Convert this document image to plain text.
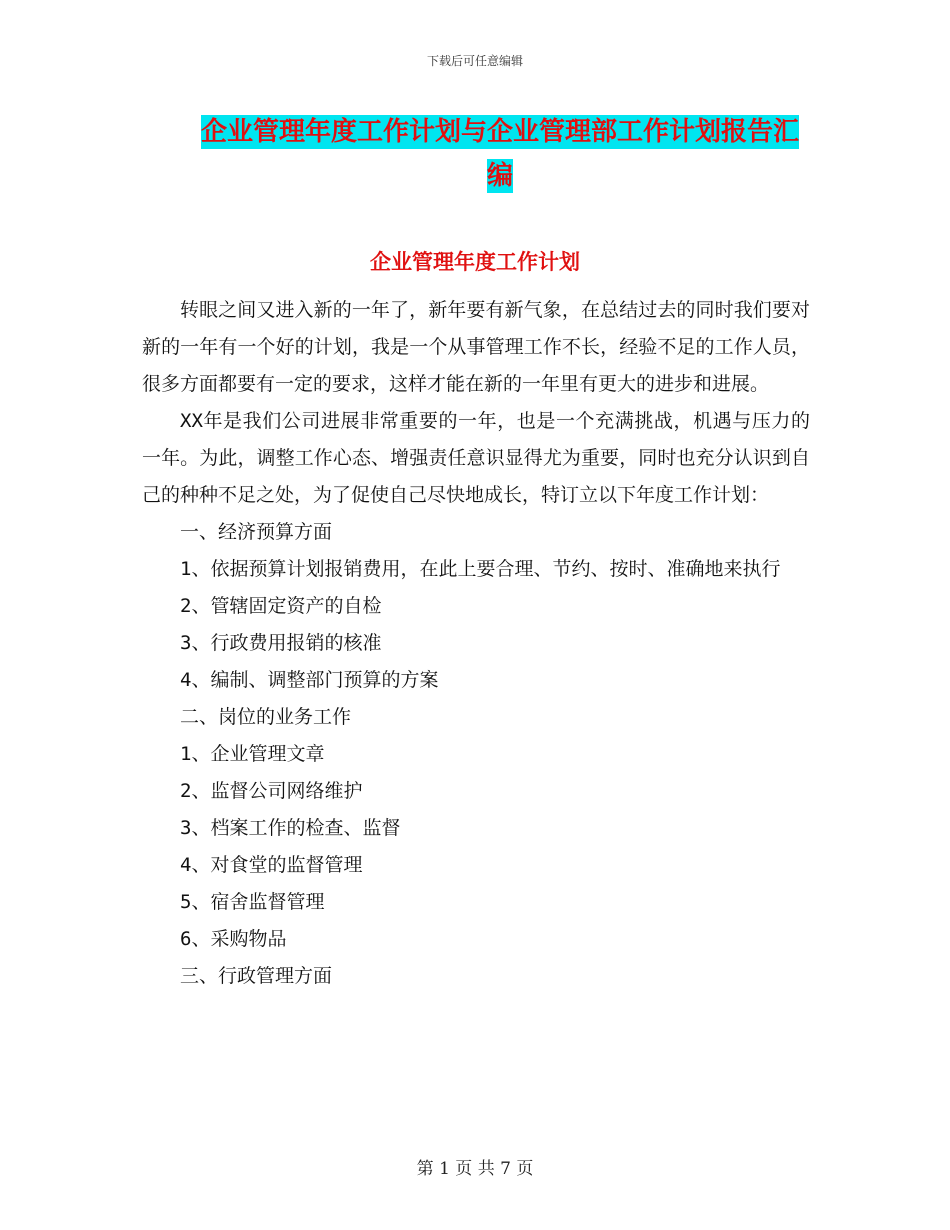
下载后可任意编辑
企业管理年度工作计划与企业管理部工作计划报告汇编
企业管理年度工作计划

转眼之间又进入新的一年了，新年要有新气象，在总结过去的同时我们要对新的一年有一个好的计划，我是一个从事管理工作不长，经验不足的工作人员，很多方面都要有一定的要求，这样才能在新的一年里有更大的进步和进展。

XX年是我们公司进展非常重要的一年，也是一个充满挑战，机遇与压力的一年。为此，调整工作心态、增强责任意识显得尤为重要，同时也充分认识到自己的种种不足之处，为了促使自己尽快地成长，特订立以下年度工作计划：

一、经济预算方面

1、依据预算计划报销费用，在此上要合理、节约、按时、准确地来执行

2、管辖固定资产的自检

3、行政费用报销的核准

4、编制、调整部门预算的方案

二、岗位的业务工作

1、企业管理文章

2、监督公司网络维护

3、档案工作的检查、监督

4、对食堂的监督管理

5、宿舍监督管理

6、采购物品

三、行政管理方面

第 1 页 共 7 页
